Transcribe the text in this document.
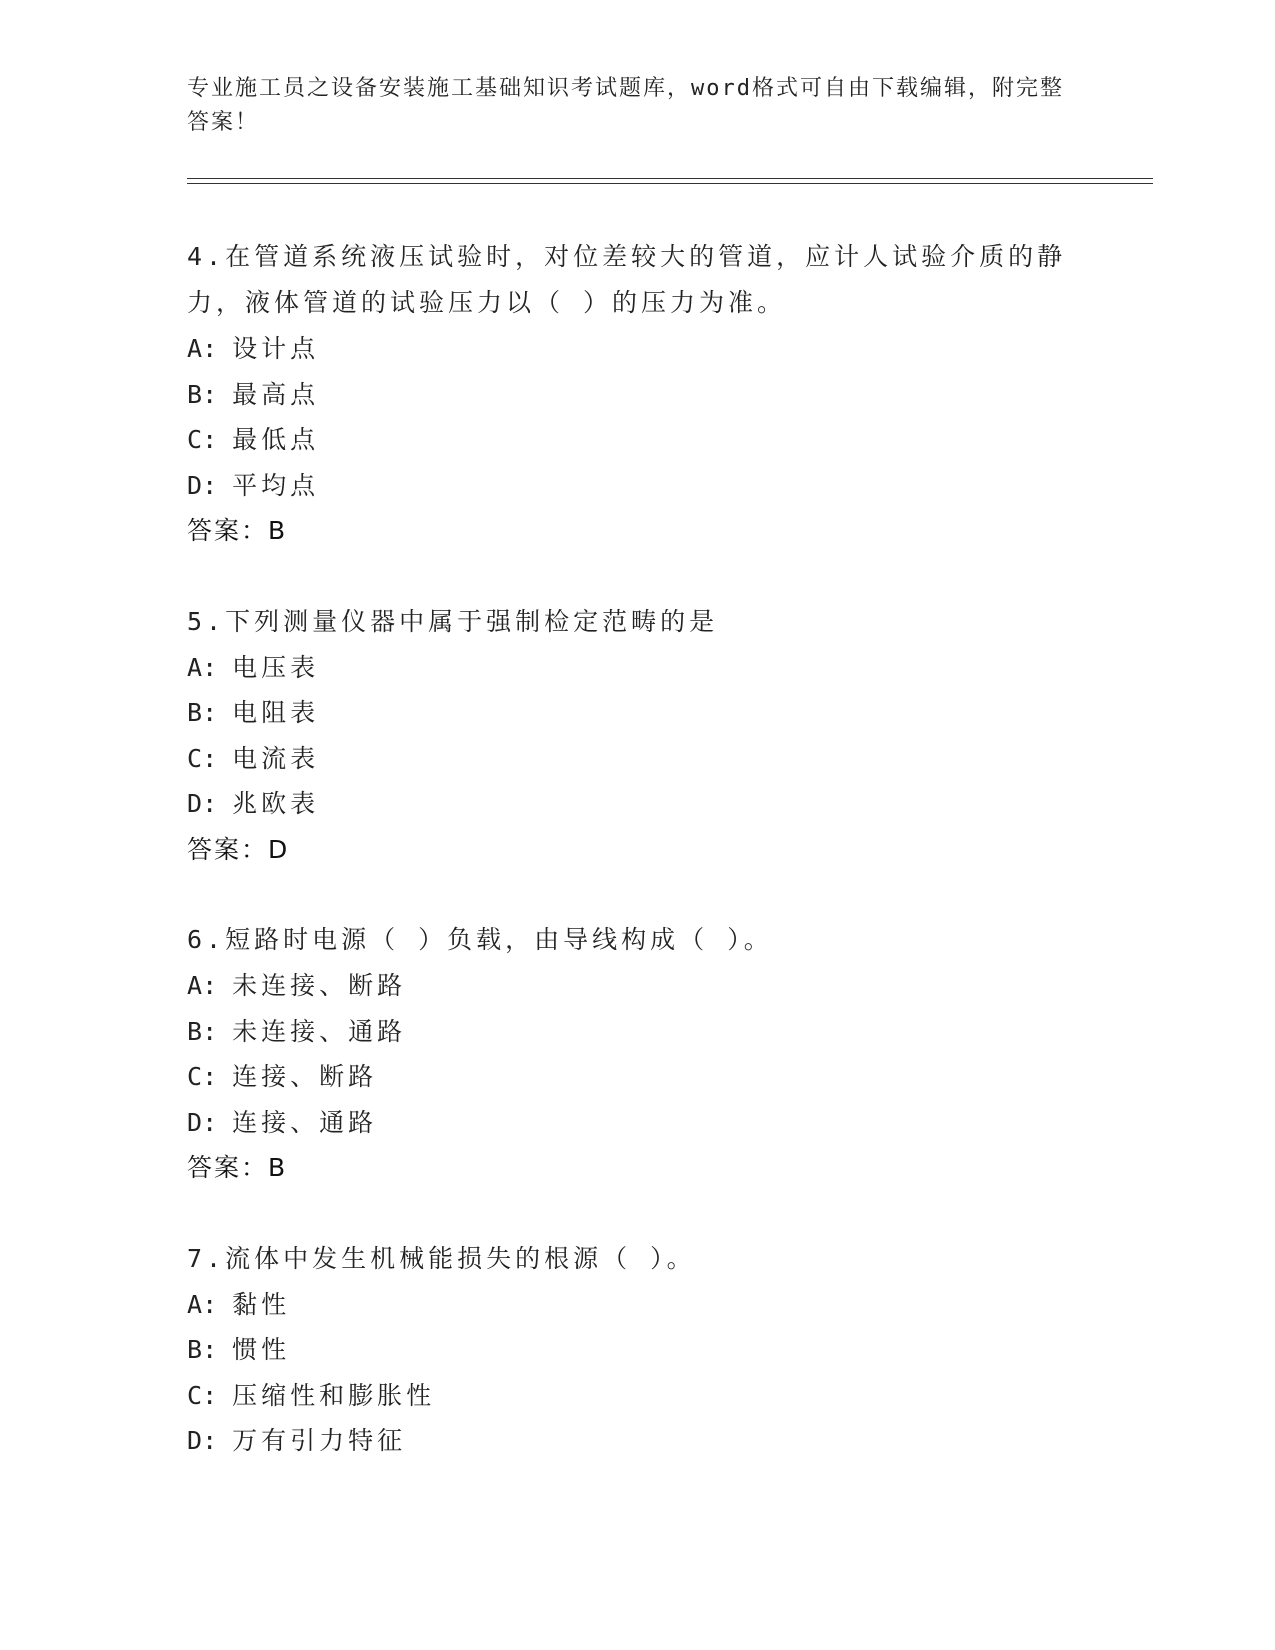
专业施工员之设备安装施工基础知识考试题库，word格式可自由下载编辑，附完整答案！
4.在管道系统液压试验时，对位差较大的管道，应计人试验介质的静力，液体管道的试验压力以（ ）的压力为准。
A: 设计点
B: 最高点
C: 最低点
D: 平均点
答案：B
5.下列测量仪器中属于强制检定范畴的是
A: 电压表
B: 电阻表
C: 电流表
D: 兆欧表
答案：D
6.短路时电源（ ）负载，由导线构成（ ）。
A: 未连接、断路
B: 未连接、通路
C: 连接、断路
D: 连接、通路
答案：B
7.流体中发生机械能损失的根源（ ）。
A: 黏性
B: 惯性
C: 压缩性和膨胀性
D: 万有引力特征
